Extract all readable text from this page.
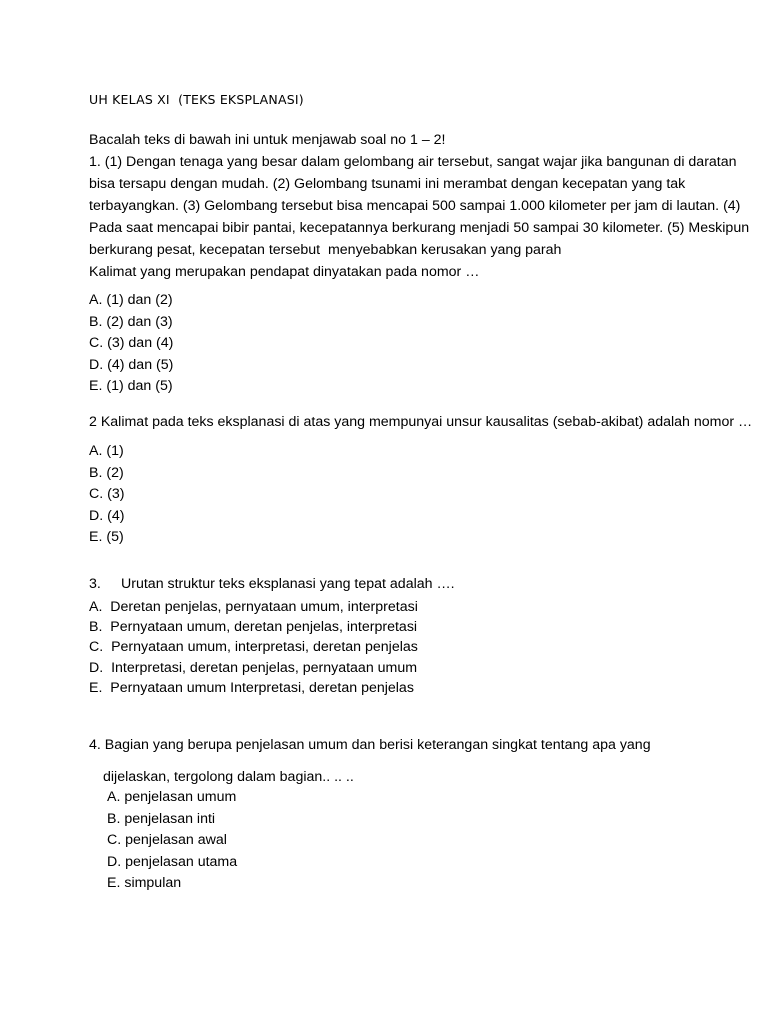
UH KELAS XI  (TEKS EKSPLANASI)
Bacalah teks di bawah ini untuk menjawab soal no 1 – 2!
1. (1) Dengan tenaga yang besar dalam gelombang air tersebut, sangat wajar jika bangunan di daratan
bisa tersapu dengan mudah. (2) Gelombang tsunami ini merambat dengan kecepatan yang tak
terbayangkan. (3) Gelombang tersebut bisa mencapai 500 sampai 1.000 kilometer per jam di lautan. (4)
Pada saat mencapai bibir pantai, kecepatannya berkurang menjadi 50 sampai 30 kilometer. (5) Meskipun
berkurang pesat, kecepatan tersebut  menyebabkan kerusakan yang parah
Kalimat yang merupakan pendapat dinyatakan pada nomor …
A. (1) dan (2)
B. (2) dan (3)
C. (3) dan (4)
D. (4) dan (5)
E. (1) dan (5)
2 Kalimat pada teks eksplanasi di atas yang mempunyai unsur kausalitas (sebab-akibat) adalah nomor …
A. (1)
B. (2)
C. (3)
D. (4)
E. (5)
3. Urutan struktur teks eksplanasi yang tepat adalah ….
A.  Deretan penjelas, pernyataan umum, interpretasi
B.  Pernyataan umum, deretan penjelas, interpretasi
C.  Pernyataan umum, interpretasi, deretan penjelas
D.  Interpretasi, deretan penjelas, pernyataan umum
E.  Pernyataan umum Interpretasi, deretan penjelas
4. Bagian yang berupa penjelasan umum dan berisi keterangan singkat tentang apa yang
dijelaskan, tergolong dalam bagian.. .. ..
A. penjelasan umum
B. penjelasan inti
C. penjelasan awal
D. penjelasan utama
E. simpulan
